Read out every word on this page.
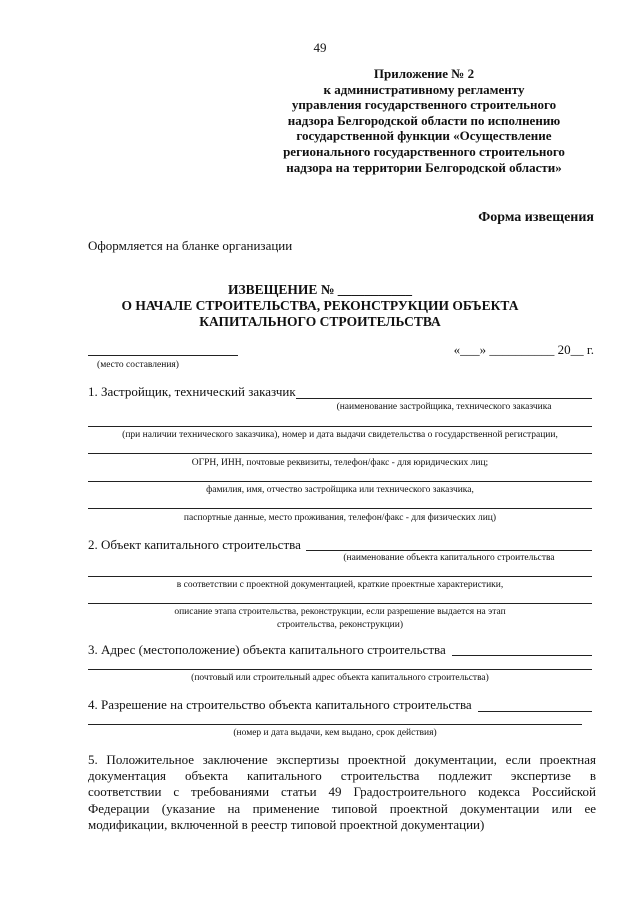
49
Приложение № 2
к административному регламенту
управления государственного строительного
надзора Белгородской области по исполнению
государственной функции «Осуществление
регионального государственного строительного
надзора на территории Белгородской области»
Форма извещения
Оформляется на бланке организации
ИЗВЕЩЕНИЕ № ___________
О НАЧАЛЕ СТРОИТЕЛЬСТВА, РЕКОНСТРУКЦИИ ОБЪЕКТА
КАПИТАЛЬНОГО СТРОИТЕЛЬСТВА
(место составления)
«___» __________ 20__ г.
1. Застройщик, технический заказчик
(наименование застройщика, технического заказчика
(при наличии технического заказчика), номер и дата выдачи свидетельства о государственной регистрации,
ОГРН, ИНН, почтовые реквизиты, телефон/факс - для юридических лиц;
фамилия, имя, отчество застройщика или технического заказчика,
паспортные данные, место проживания, телефон/факс - для физических лиц)
2. Объект капитального строительства
(наименование объекта капитального строительства
в соответствии с проектной документацией, краткие проектные характеристики,
описание этапа строительства, реконструкции, если разрешение выдается на этап
строительства, реконструкции)
3. Адрес (местоположение) объекта капитального строительства
(почтовый или строительный адрес объекта капитального строительства)
4. Разрешение на строительство объекта капитального строительства
(номер и дата выдачи, кем выдано, срок действия)
5. Положительное заключение экспертизы проектной документации, если проектная
документация объекта капитального строительства подлежит экспертизе в
соответствии с требованиями статьи 49 Градостроительного кодекса Российской
Федерации (указание на применение типовой проектной документации или ее
модификации, включенной в реестр типовой проектной документации)
